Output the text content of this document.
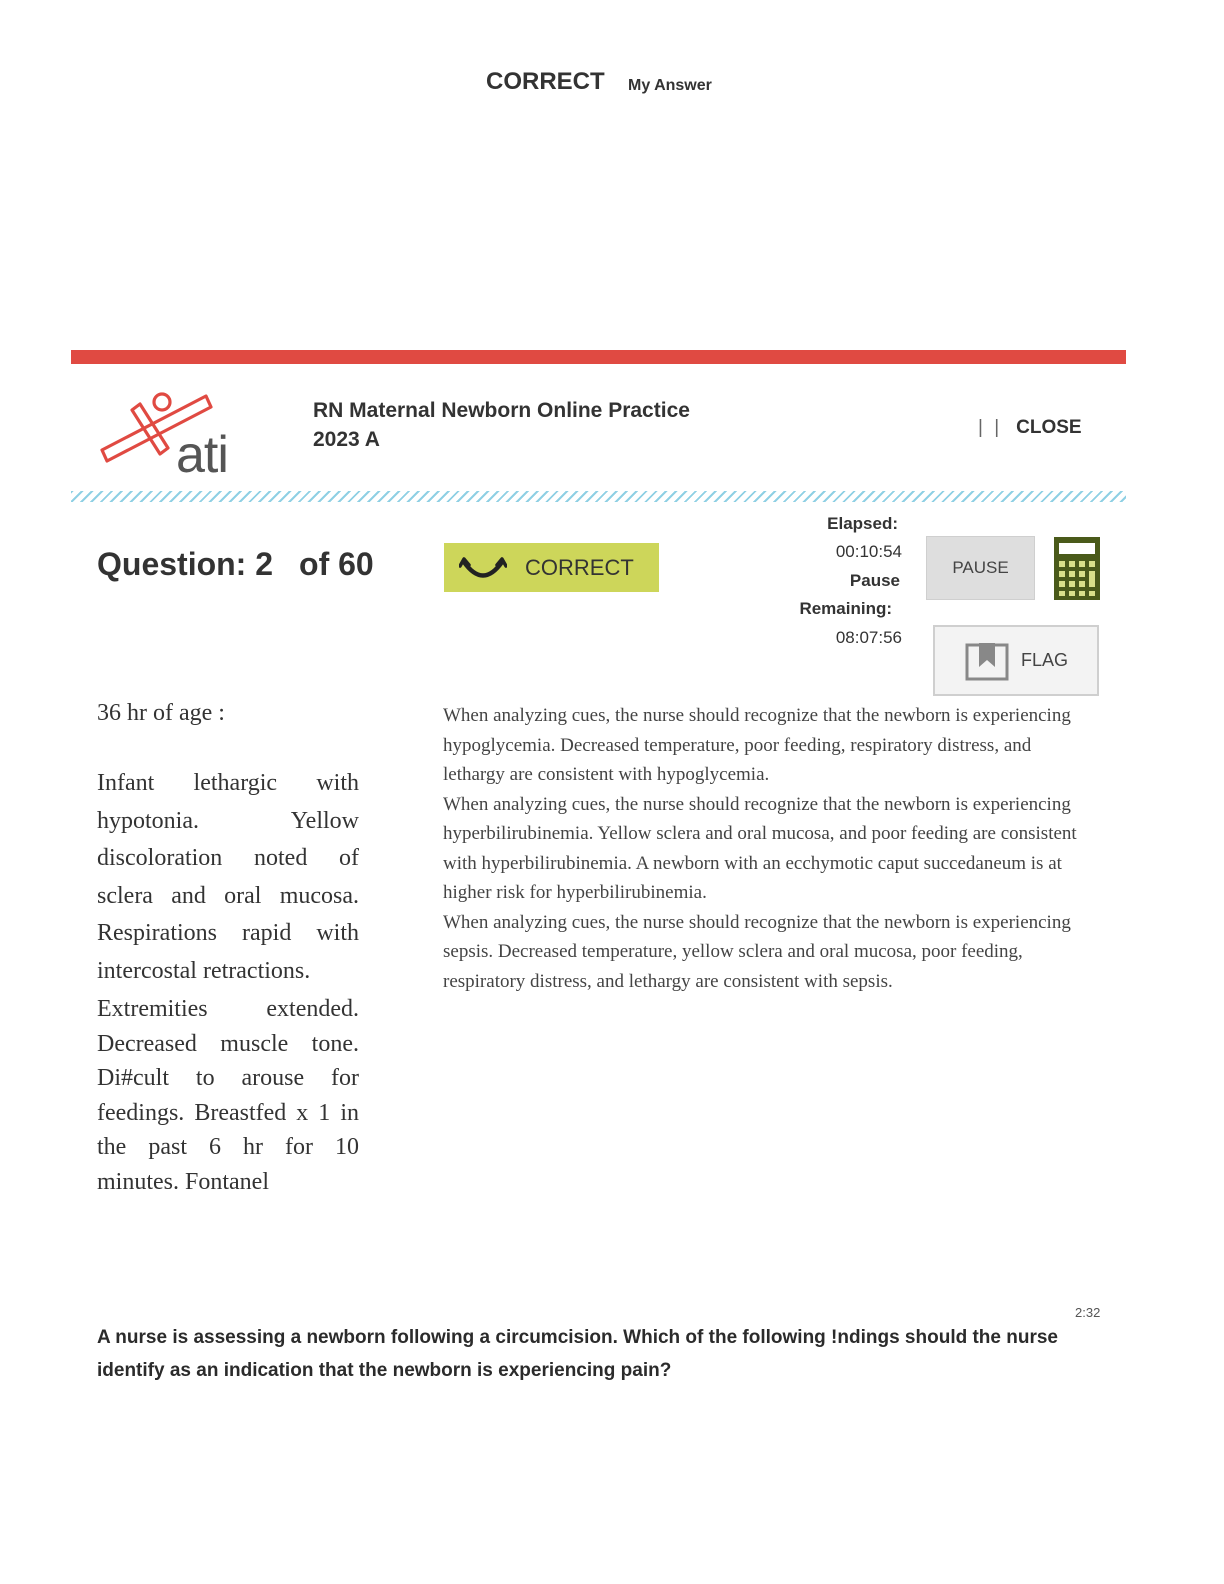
CORRECT My Answer
ati
RN Maternal Newborn Online Practice
2023 A
| | CLOSE
Question: 2 of 60	CORRECT
Elapsed:
00:10:54
Pause
Remaining:
08:07:56
PAUSE
FLAG
36 hr of age :

Infant lethargic with hypotonia. Yellow discoloration noted of sclera and oral mucosa. Respirations rapid with intercostal retractions.

Extremities extended. Decreased muscle tone. Di#cult to arouse for feedings. Breastfed x 1 in the past 6 hr for 10 minutes. Fontanel

When analyzing cues, the nurse should recognize that the newborn is experiencing hypoglycemia. Decreased temperature, poor feeding, respiratory distress, and lethargy are consistent with hypoglycemia.

When analyzing cues, the nurse should recognize that the newborn is experiencing hyperbilirubinemia. Yellow sclera and oral mucosa, and poor feeding are consistent with hyperbilirubinemia. A newborn with an ecchymotic caput succedaneum is at higher risk for hyperbilirubinemia.

When analyzing cues, the nurse should recognize that the newborn is experiencing sepsis. Decreased temperature, yellow sclera and oral mucosa, poor feeding, respiratory distress, and lethargy are consistent with sepsis.

2:32
A nurse is assessing a newborn following a circumcision. Which of the following !ndings should the nurse identify as an indication that the newborn is experiencing pain?
